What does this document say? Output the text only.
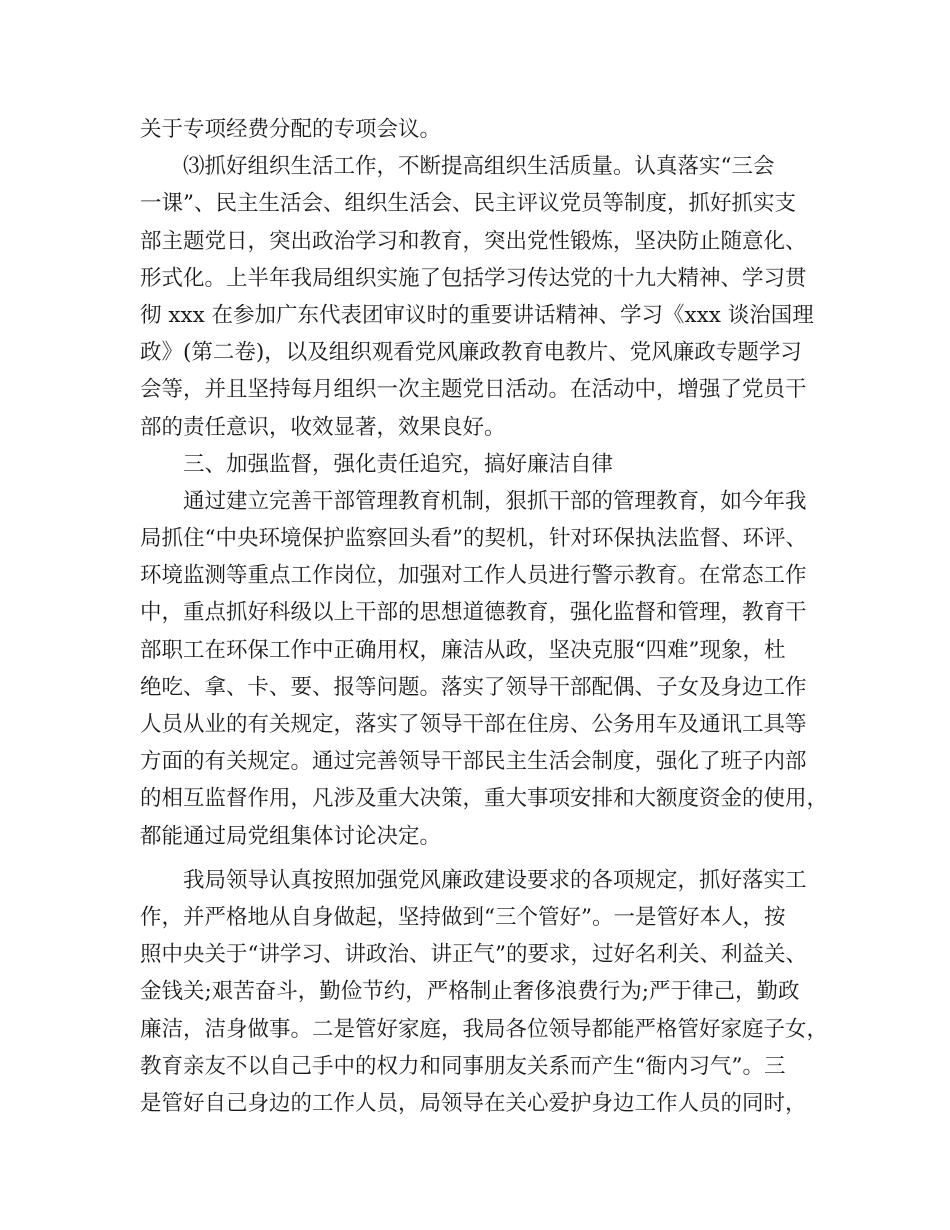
关于专项经费分配的专项会议。
⑶抓好组织生活工作，不断提高组织生活质量。认真落实“三会
一课”、民主生活会、组织生活会、民主评议党员等制度，抓好抓实支
部主题党日，突出政治学习和教育，突出党性锻炼，坚决防止随意化、
形式化。上半年我局组织实施了包括学习传达党的十九大精神、学习贯
彻 xxx 在参加广东代表团审议时的重要讲话精神、学习《xxx 谈治国理
政》(第二卷)，以及组织观看党风廉政教育电教片、党风廉政专题学习
会等，并且坚持每月组织一次主题党日活动。在活动中，增强了党员干
部的责任意识，收效显著，效果良好。
三、加强监督，强化责任追究，搞好廉洁自律
通过建立完善干部管理教育机制，狠抓干部的管理教育，如今年我
局抓住“中央环境保护监察回头看”的契机，针对环保执法监督、环评、
环境监测等重点工作岗位，加强对工作人员进行警示教育。在常态工作
中，重点抓好科级以上干部的思想道德教育，强化监督和管理，教育干
部职工在环保工作中正确用权，廉洁从政，坚决克服“四难”现象，杜
绝吃、拿、卡、要、报等问题。落实了领导干部配偶、子女及身边工作
人员从业的有关规定，落实了领导干部在住房、公务用车及通讯工具等
方面的有关规定。通过完善领导干部民主生活会制度，强化了班子内部
的相互监督作用，凡涉及重大决策，重大事项安排和大额度资金的使用，
都能通过局党组集体讨论决定。
我局领导认真按照加强党风廉政建设要求的各项规定，抓好落实工
作，并严格地从自身做起，坚持做到“三个管好”。一是管好本人，按
照中央关于“讲学习、讲政治、讲正气”的要求，过好名利关、利益关、
金钱关;艰苦奋斗，勤俭节约，严格制止奢侈浪费行为;严于律己，勤政
廉洁，洁身做事。二是管好家庭，我局各位领导都能严格管好家庭子女，
教育亲友不以自己手中的权力和同事朋友关系而产生“衙内习气”。三
是管好自己身边的工作人员，局领导在关心爱护身边工作人员的同时，
